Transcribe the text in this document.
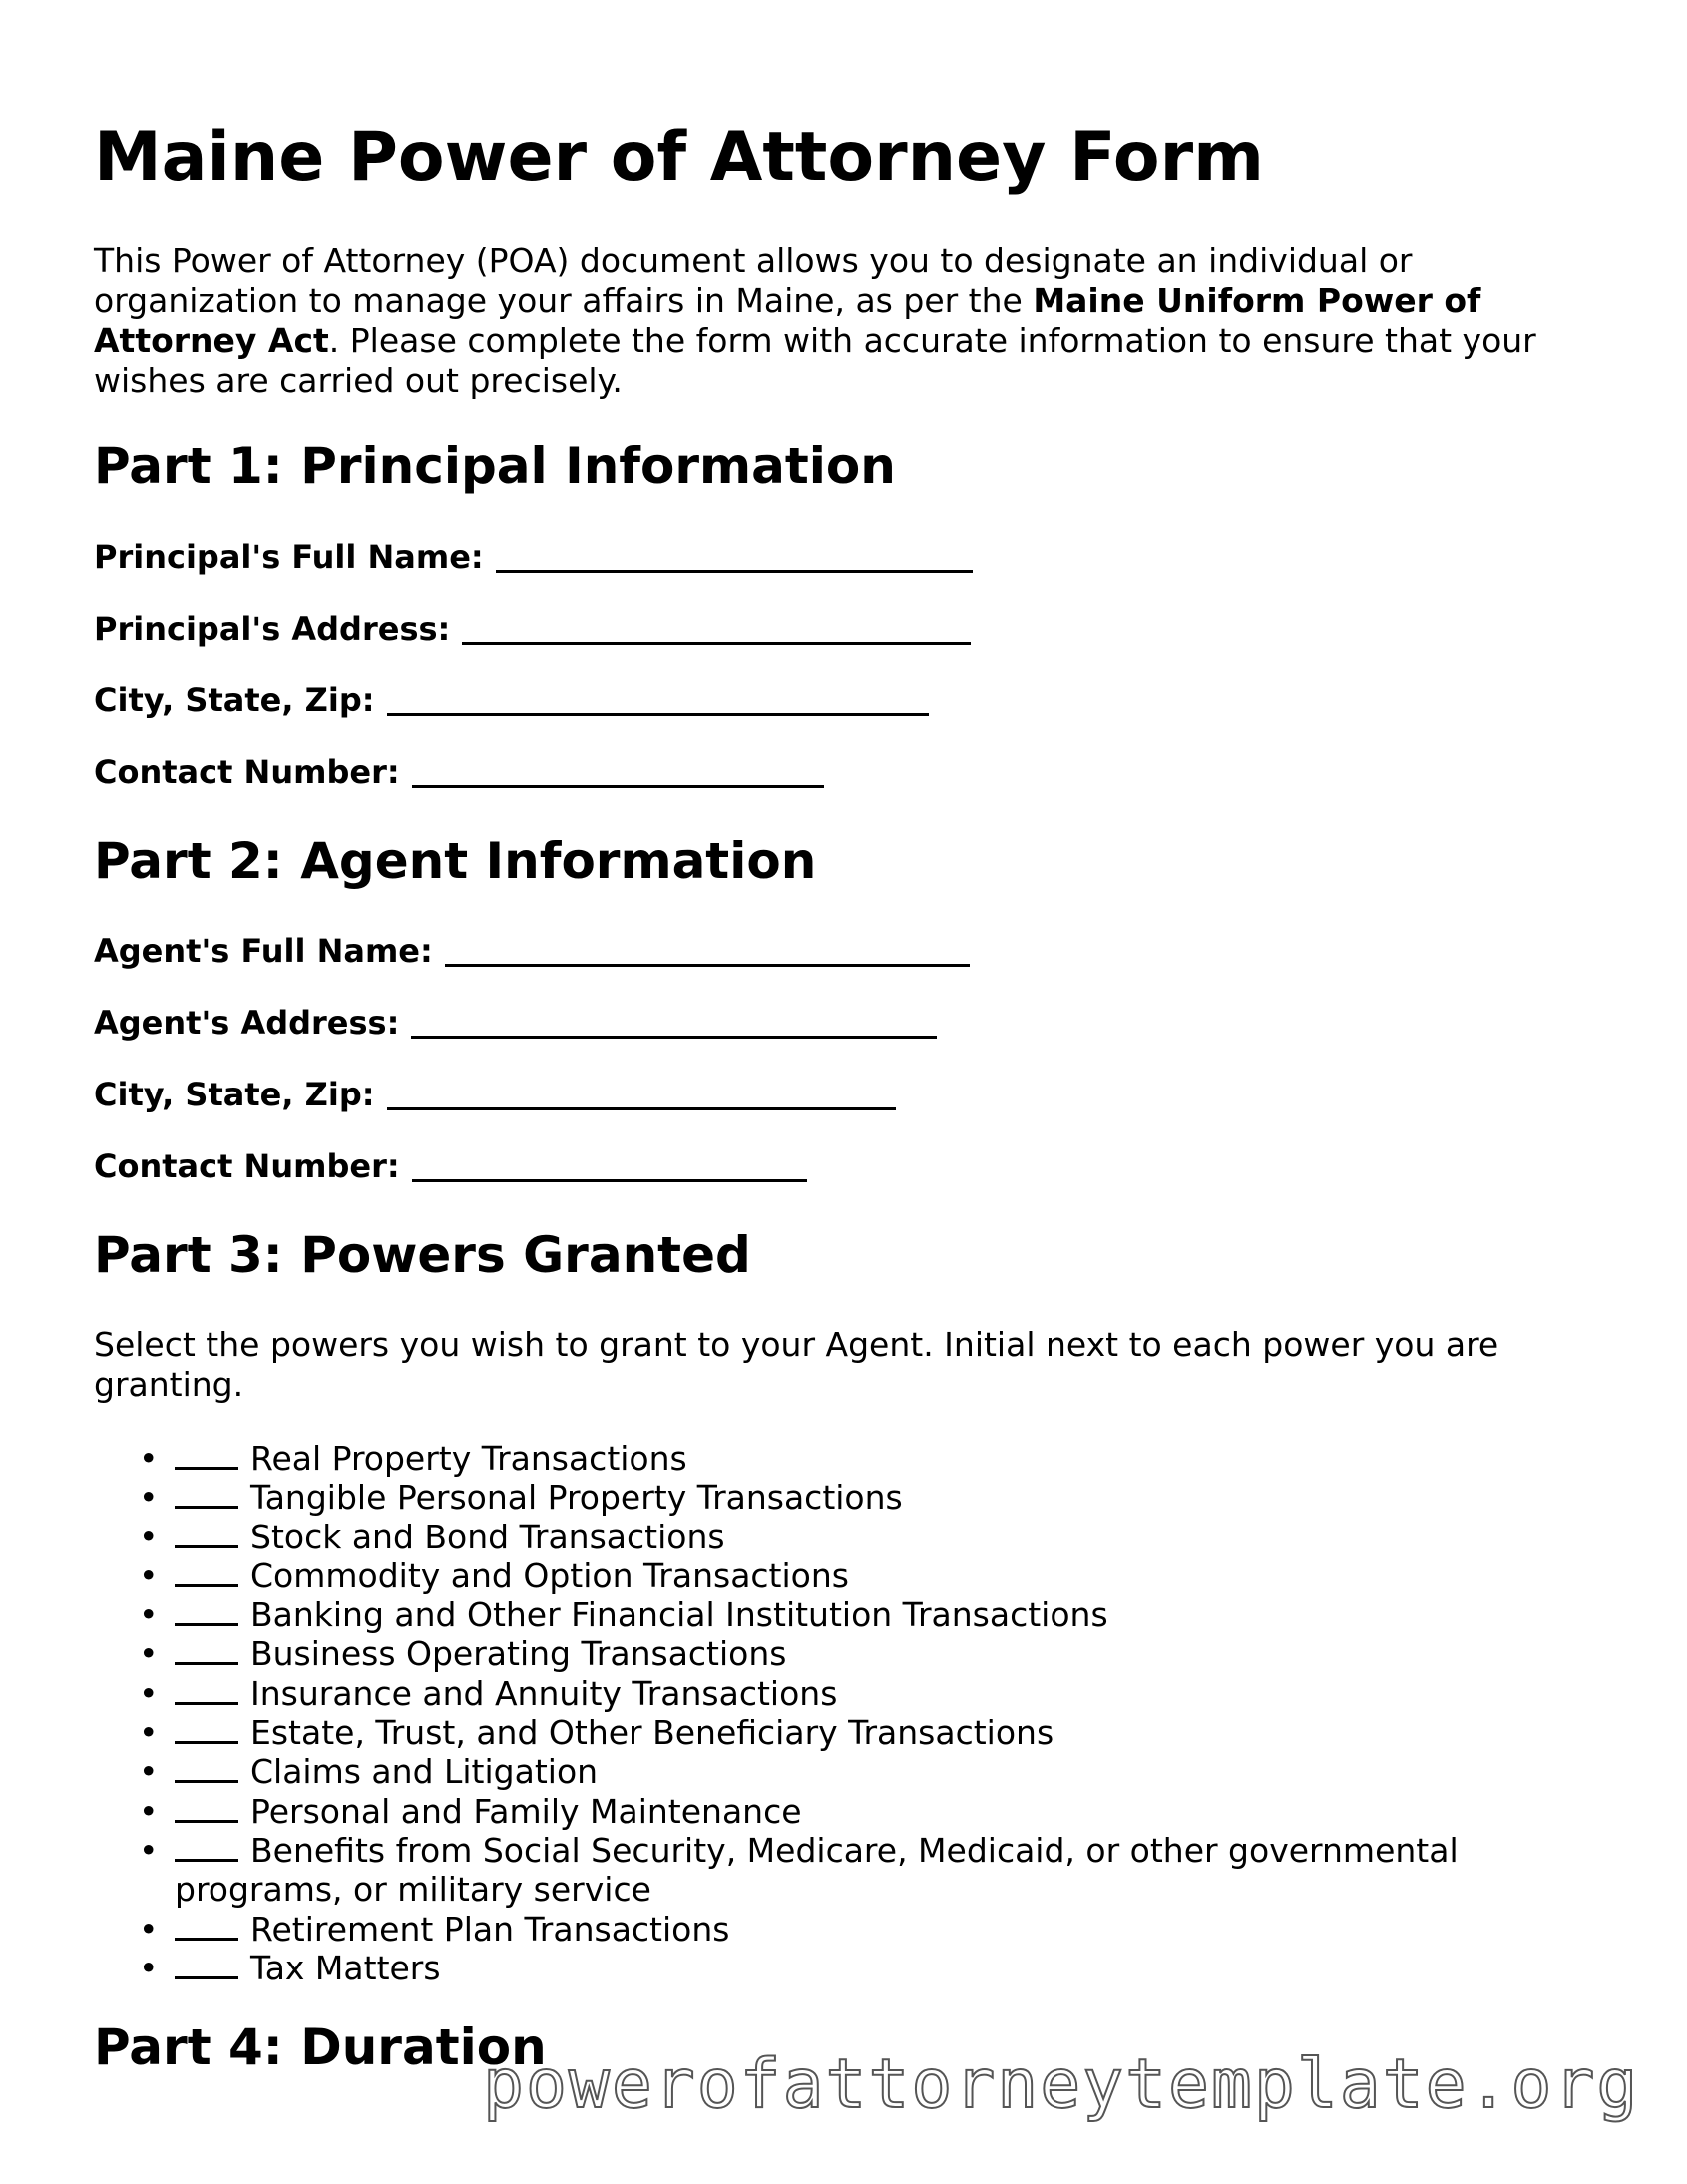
Maine Power of Attorney Form

This Power of Attorney (POA) document allows you to designate an individual or organization to manage your affairs in Maine, as per the Maine Uniform Power of Attorney Act. Please complete the form with accurate information to ensure that your wishes are carried out precisely.

Part 1: Principal Information
Principal's Full Name:
Principal's Address:
City, State, Zip:
Contact Number:
Part 2: Agent Information
Agent's Full Name:
Agent's Address:
City, State, Zip:
Contact Number:
Part 3: Powers Granted

Select the powers you wish to grant to your Agent. Initial next to each power you are granting.

•	Real Property Transactions
•	Tangible Personal Property Transactions
•	Stock and Bond Transactions
•	Commodity and Option Transactions
•	Banking and Other Financial Institution Transactions
•	Business Operating Transactions
•	Insurance and Annuity Transactions
•	Estate, Trust, and Other Beneficiary Transactions
•	Claims and Litigation
•	Personal and Family Maintenance
•	Benefits from Social Security, Medicare, Medicaid, or other governmental programs, or military service
•	Retirement Plan Transactions
•	Tax Matters
Part 4: Duration
powerofattorneytemplate.org
